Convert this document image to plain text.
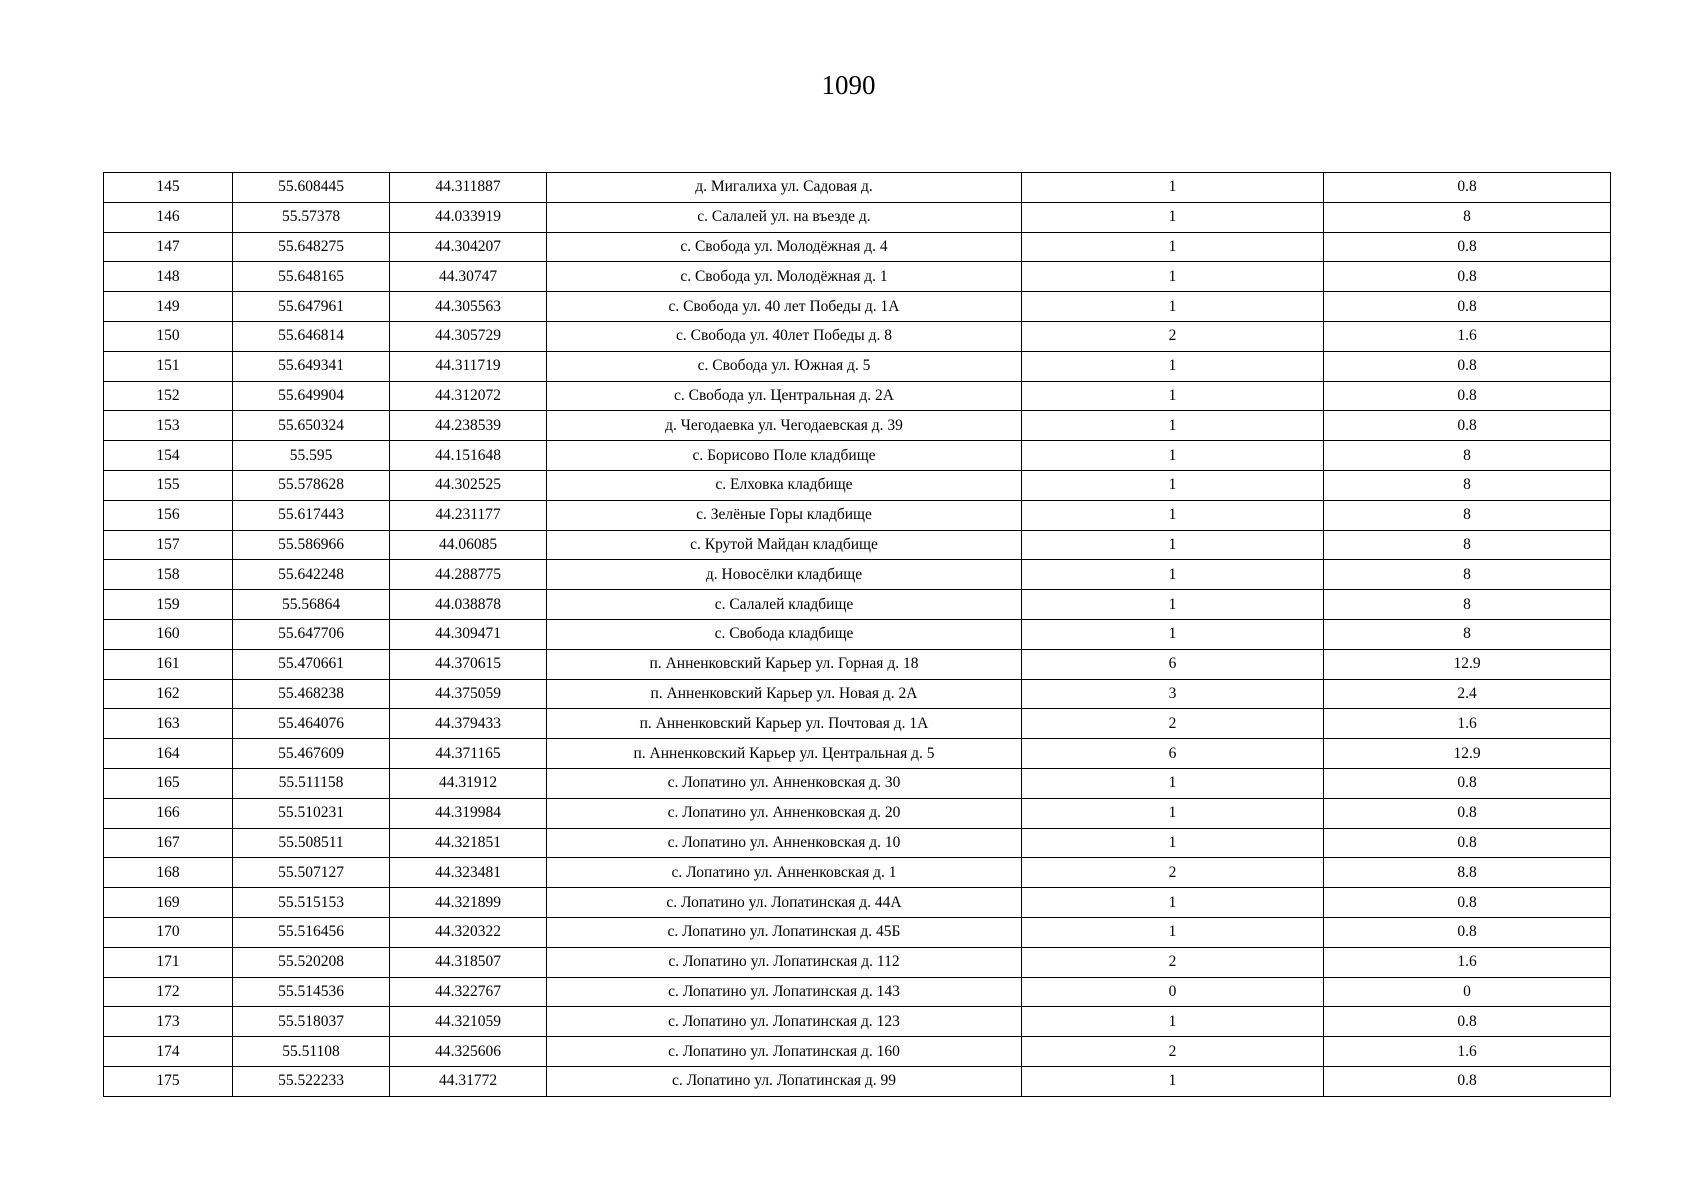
1090
145	55.608445	44.311887	д. Мигалиха ул. Садовая д.	1	0.8
146	55.57378	44.033919	с. Салалей ул. на въезде д.	1	8
147	55.648275	44.304207	с. Свобода ул. Молодёжная д. 4	1	0.8
148	55.648165	44.30747	с. Свобода ул. Молодёжная д. 1	1	0.8
149	55.647961	44.305563	с. Свобода ул. 40 лет Победы д. 1А	1	0.8
150	55.646814	44.305729	с. Свобода ул. 40лет Победы д. 8	2	1.6
151	55.649341	44.311719	с. Свобода ул. Южная д. 5	1	0.8
152	55.649904	44.312072	с. Свобода ул. Центральная д. 2А	1	0.8
153	55.650324	44.238539	д. Чегодаевка ул. Чегодаевская д. 39	1	0.8
154	55.595	44.151648	с. Борисово Поле кладбище	1	8
155	55.578628	44.302525	с. Елховка кладбище	1	8
156	55.617443	44.231177	с. Зелёные Горы кладбище	1	8
157	55.586966	44.06085	с. Крутой Майдан кладбище	1	8
158	55.642248	44.288775	д. Новосёлки кладбище	1	8
159	55.56864	44.038878	с. Салалей кладбище	1	8
160	55.647706	44.309471	с. Свобода кладбище	1	8
161	55.470661	44.370615	п. Анненковский Карьер ул. Горная д. 18	6	12.9
162	55.468238	44.375059	п. Анненковский Карьер ул. Новая д. 2А	3	2.4
163	55.464076	44.379433	п. Анненковский Карьер ул. Почтовая д. 1А	2	1.6
164	55.467609	44.371165	п. Анненковский Карьер ул. Центральная д. 5	6	12.9
165	55.511158	44.31912	с. Лопатино ул. Анненковская д. 30	1	0.8
166	55.510231	44.319984	с. Лопатино ул. Анненковская д. 20	1	0.8
167	55.508511	44.321851	с. Лопатино ул. Анненковская д. 10	1	0.8
168	55.507127	44.323481	с. Лопатино ул. Анненковская д. 1	2	8.8
169	55.515153	44.321899	с. Лопатино ул. Лопатинская д. 44А	1	0.8
170	55.516456	44.320322	с. Лопатино ул. Лопатинская д. 45Б	1	0.8
171	55.520208	44.318507	с. Лопатино ул. Лопатинская д. 112	2	1.6
172	55.514536	44.322767	с. Лопатино ул. Лопатинская д. 143	0	0
173	55.518037	44.321059	с. Лопатино ул. Лопатинская д. 123	1	0.8
174	55.51108	44.325606	с. Лопатино ул. Лопатинская д. 160	2	1.6
175	55.522233	44.31772	с. Лопатино ул. Лопатинская д. 99	1	0.8
